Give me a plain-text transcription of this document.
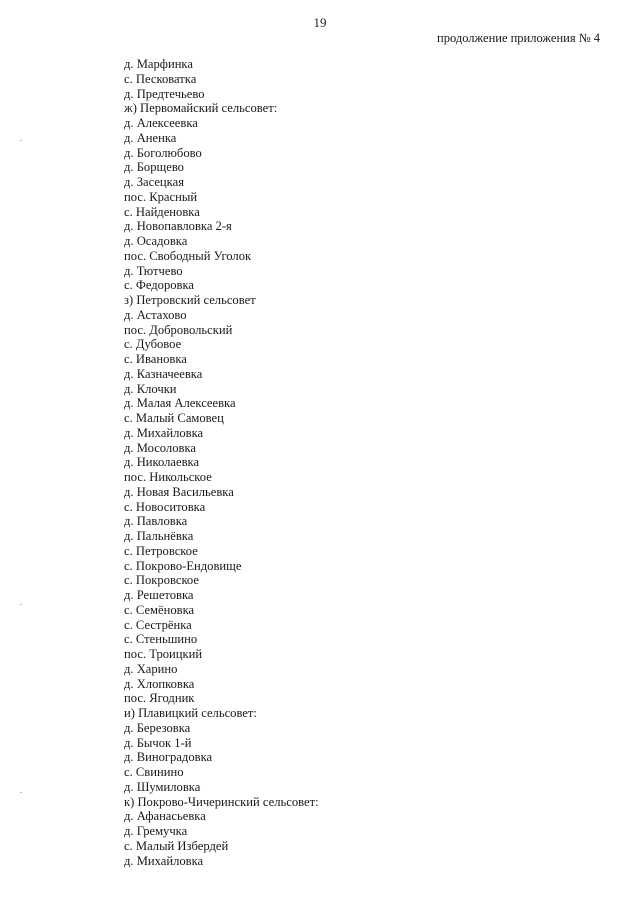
19
продолжение приложения № 4
д. Марфинка
с. Песковатка
д. Предтечьево
ж) Первомайский сельсовет:
д. Алексеевка
д. Аненка
д. Боголюбово
д. Борщево
д. Засецкая
пос. Красный
с. Найденовка
д. Новопавловка 2-я
д. Осадовка
пос. Свободный Уголок
д. Тютчево
с. Федоровка
з) Петровский сельсовет
д. Астахово
пос. Добровольский
с. Дубовое
с. Ивановка
д. Казначеевка
д. Клочки
д. Малая Алексеевка
с. Малый Самовец
д. Михайловка
д. Мосоловка
д. Николаевка
пос. Никольское
д. Новая Васильевка
с. Новоситовка
д. Павловка
д. Пальнёвка
с. Петровское
с. Покрово-Ендовище
с. Покровское
д. Решетовка
с. Семёновка
с. Сестрёнка
с. Стеньшино
пос. Троицкий
д. Харино
д. Хлопковка
пос. Ягодник
и) Плавицкий сельсовет:
д. Березовка
д. Бычок 1-й
д. Виноградовка
с. Свинино
д. Шумиловка
к) Покрово-Чичеринский сельсовет:
д. Афанасьевка
д. Гремучка
с. Малый Избердей
д. Михайловка
